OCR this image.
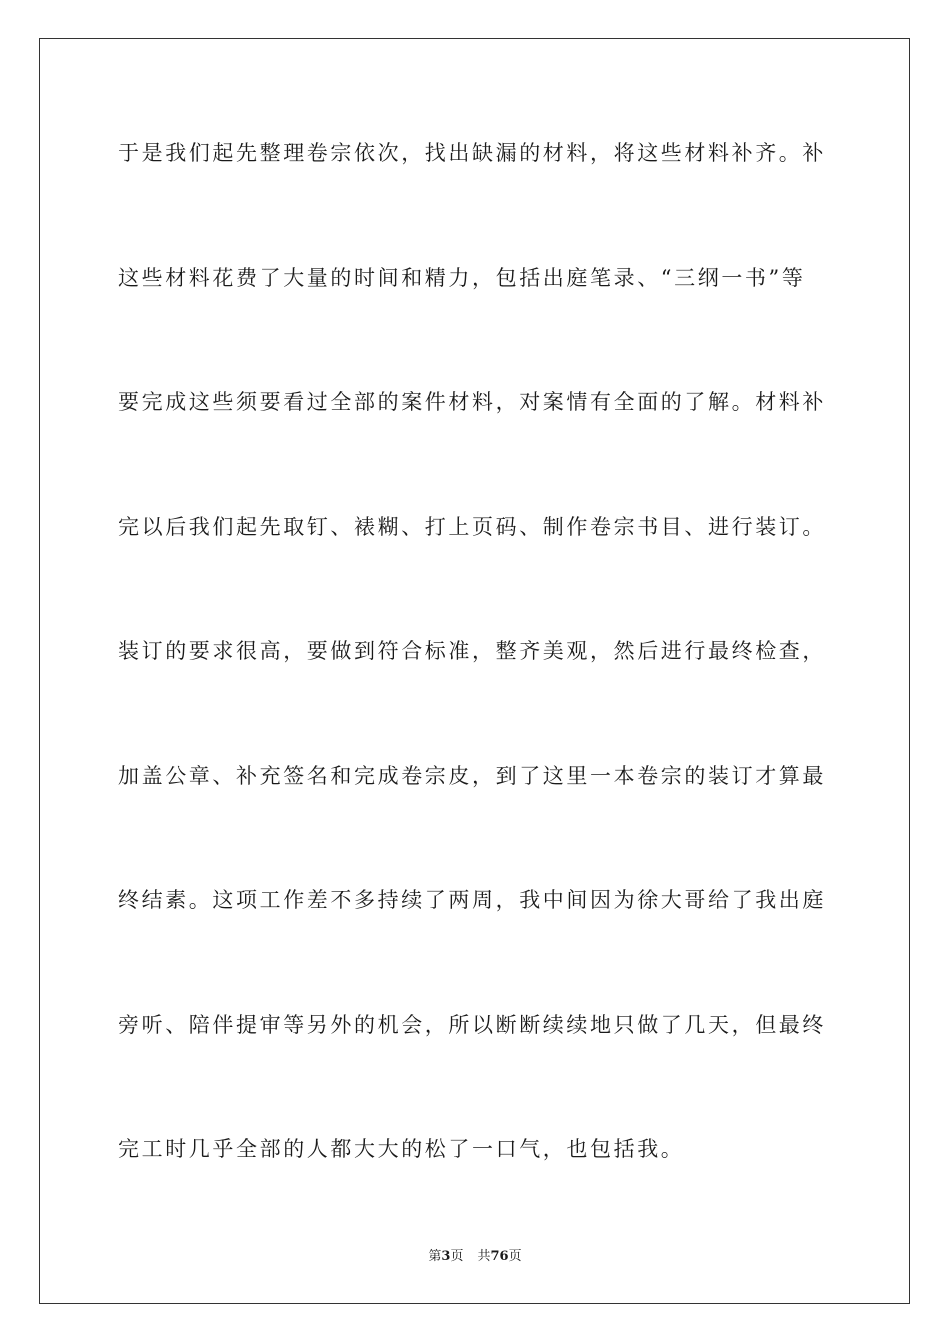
于是我们起先整理卷宗依次，找出缺漏的材料，将这些材料补齐。补
这些材料花费了大量的时间和精力，包括出庭笔录、“三纲一书”等
要完成这些须要看过全部的案件材料，对案情有全面的了解。材料补
完以后我们起先取钉、裱糊、打上页码、制作卷宗书目、进行装订。
装订的要求很高，要做到符合标准，整齐美观，然后进行最终检查，
加盖公章、补充签名和完成卷宗皮，到了这里一本卷宗的装订才算最
终结素。这项工作差不多持续了两周，我中间因为徐大哥给了我出庭
旁听、陪伴提审等另外的机会，所以断断续续地只做了几天，但最终
完工时几乎全部的人都大大的松了一口气，也包括我。
第3页 共76页
